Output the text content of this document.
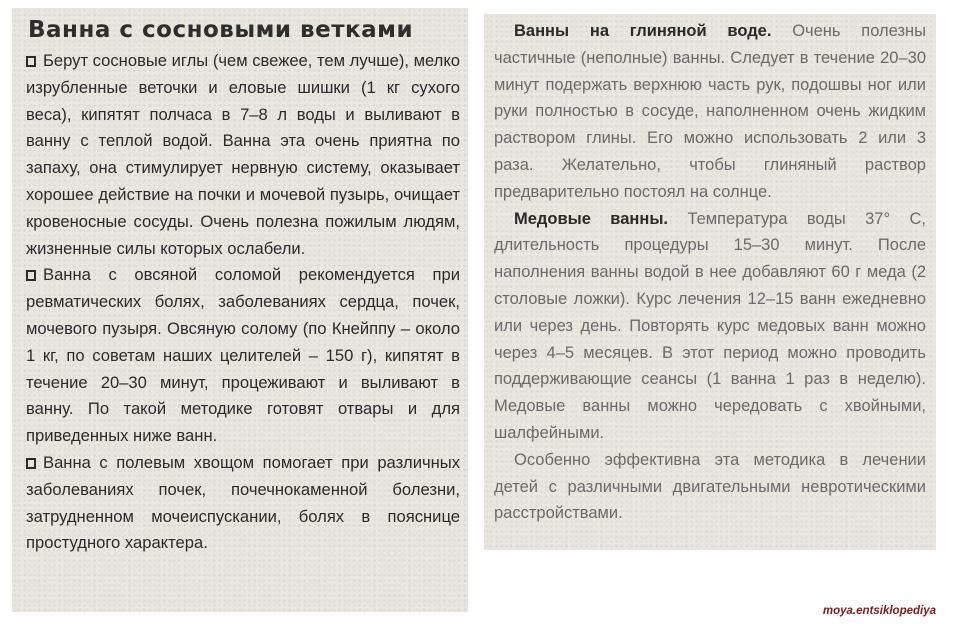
Ванна с сосновыми ветками

Берут сосновые иглы (чем свежее, тем лучше), мелко изрубленные веточки и еловые шишки (1 кг сухого веса), кипятят полчаса в 7–8 л воды и выливают в ванну с теплой водой. Ванна эта очень приятна по запаху, она стимулирует нервную систему, оказывает хорошее действие на почки и мочевой пузырь, очищает кровеносные сосуды. Очень полезна пожилым людям, жизненные силы которых ослабели.

Ванна с овсяной соломой рекомендуется при ревматических болях, заболеваниях сердца, почек, мочевого пузыря. Овсяную солому (по Кнейппу – около 1 кг, по советам наших целителей – 150 г), кипятят в течение 20–30 минут, процеживают и выливают в ванну. По такой методике готовят отвары и для приведенных ниже ванн.

Ванна с полевым хвощом помогает при различных заболеваниях почек, почечнокаменной болезни, затрудненном мочеиспускании, болях в пояснице простудного характера.

Ванны на глиняной воде. Очень полезны частичные (неполные) ванны. Следует в течение 20–30 минут подержать верхнюю часть рук, подошвы ног или руки полностью в сосуде, наполненном очень жидким раствором глины. Его можно использовать 2 или 3 раза. Желательно, чтобы глиняный раствор предварительно постоял на солнце.

Медовые ванны. Температура воды 37° С, длительность процедуры 15–30 минут. После наполнения ванны водой в нее добавляют 60 г меда (2 столовые ложки). Курс лечения 12–15 ванн ежедневно или через день. Повторять курс медовых ванн можно через 4–5 месяцев. В этот период можно проводить поддерживающие сеансы (1 ванна 1 раз в неделю). Медовые ванны можно чередовать с хвойными, шалфейными.

Особенно эффективна эта методика в лечении детей с различными двигательными невротическими расстройствами.

moya.entsiklopediya
